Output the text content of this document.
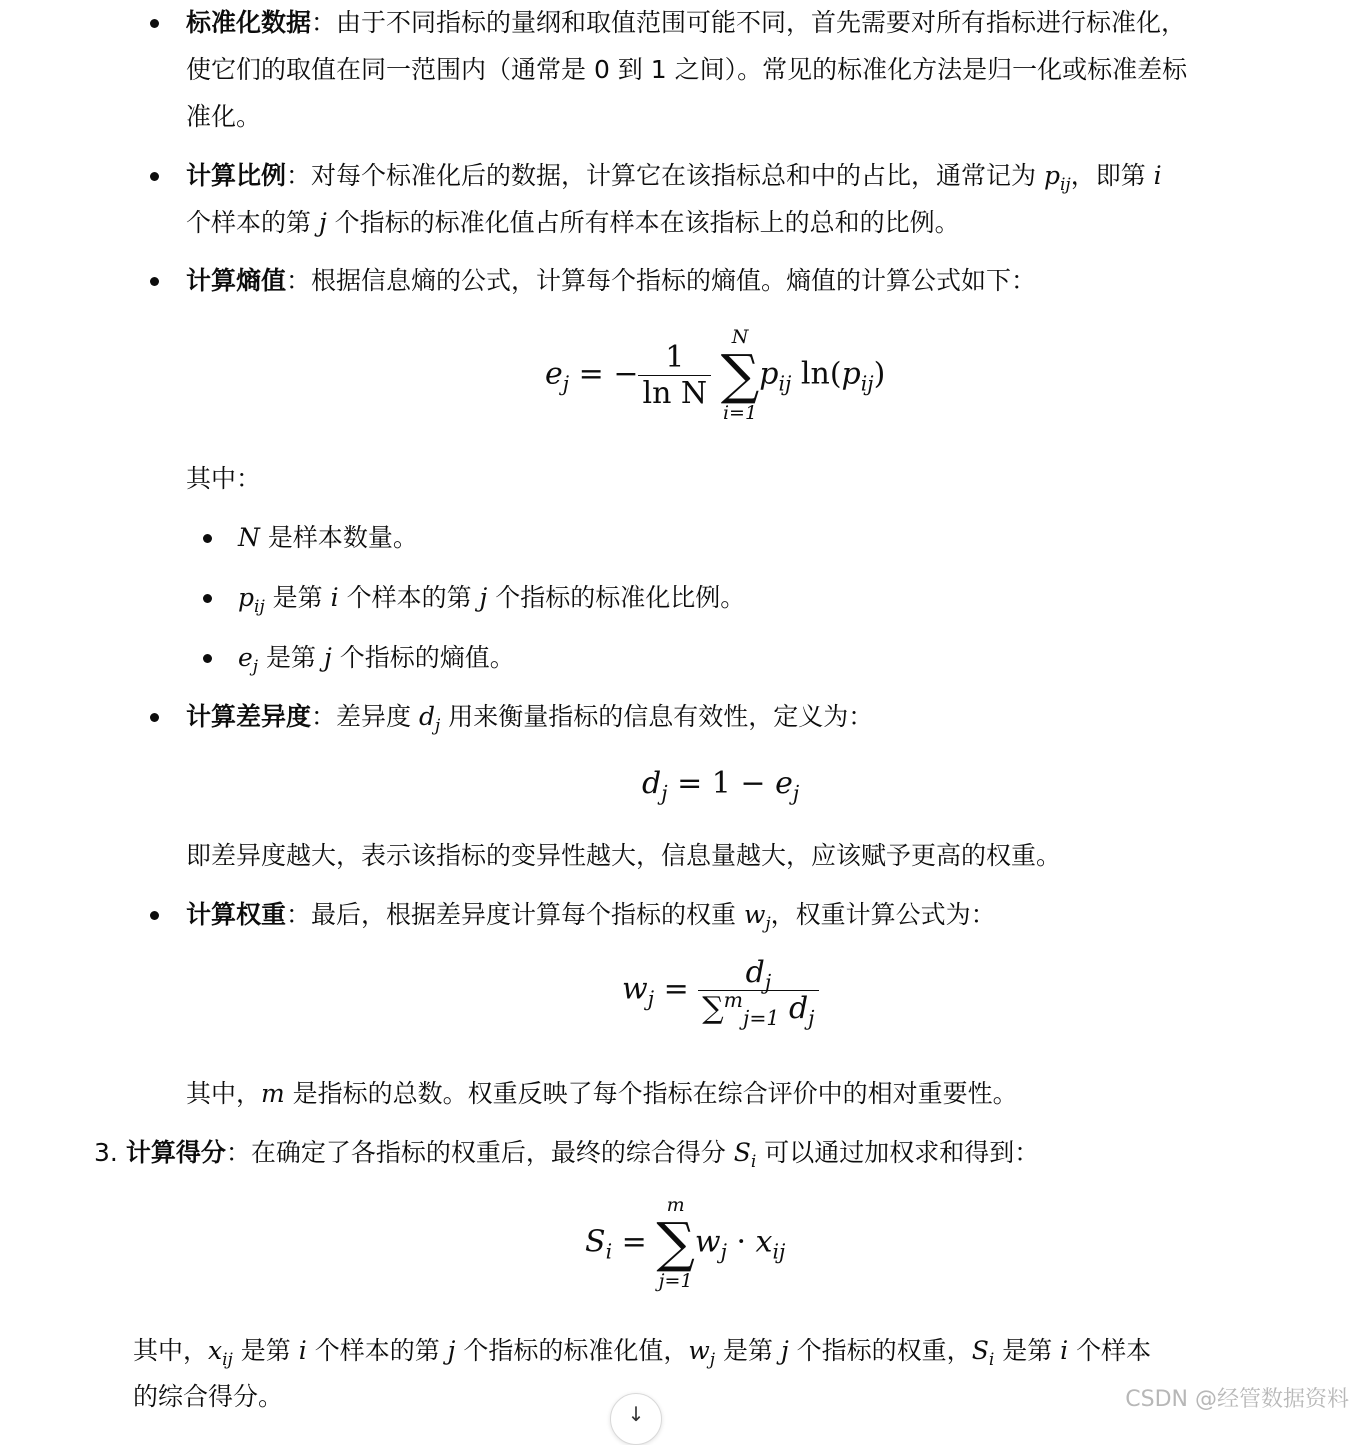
标准化数据：由于不同指标的量纲和取值范围可能不同，首先需要对所有指标进行标准化，
使它们的取值在同一范围内（通常是 0 到 1 之间）。常见的标准化方法是归一化或标准差标
准化。
计算比例：对每个标准化后的数据，计算它在该指标总和中的占比，通常记为 $p_{ij}$，即第 i
个样本的第 j 个指标的标准化值占所有样本在该指标上的总和的比例。
计算熵值：根据信息熵的公式，计算每个指标的熵值。熵值的计算公式如下：
$e_j$ = − $\frac{1}{\text{ln N}}$

N
∑
i=1
$p_{ij}$ $\ln(p_{ij})$
其中：
N 是样本数量。
$p_{ij}$ 是第 i 个样本的第 j 个指标的标准化比例。
$e_j$ 是第 j 个指标的熵值。
计算差异度：差异度 $d_j$ 用来衡量指标的信息有效性，定义为：
$d_j = 1 - e_j$
即差异度越大，表示该指标的变异性越大，信息量越大，应该赋予更高的权重。
计算权重：最后，根据差异度计算每个指标的权重 $w_j$，权重计算公式为：
$w_j = \frac{d_j}{\sum^m_{j=1} d_j}$
其中，m 是指标的总数。权重反映了每个指标在综合评价中的相对重要性。
3. 计算得分：在确定了各指标的权重后，最终的综合得分 $S_i$ 可以通过加权求和得到：
$S_i$ =
m
∑
j=1
$w_j \cdot x_{ij}$
其中，$x_{ij}$ 是第 i 个样本的第 j 个指标的标准化值，$w_j$ 是第 j 个指标的权重，$S_i$ 是第 i 个样本
的综合得分。
↓
CSDN @经管数据资料
